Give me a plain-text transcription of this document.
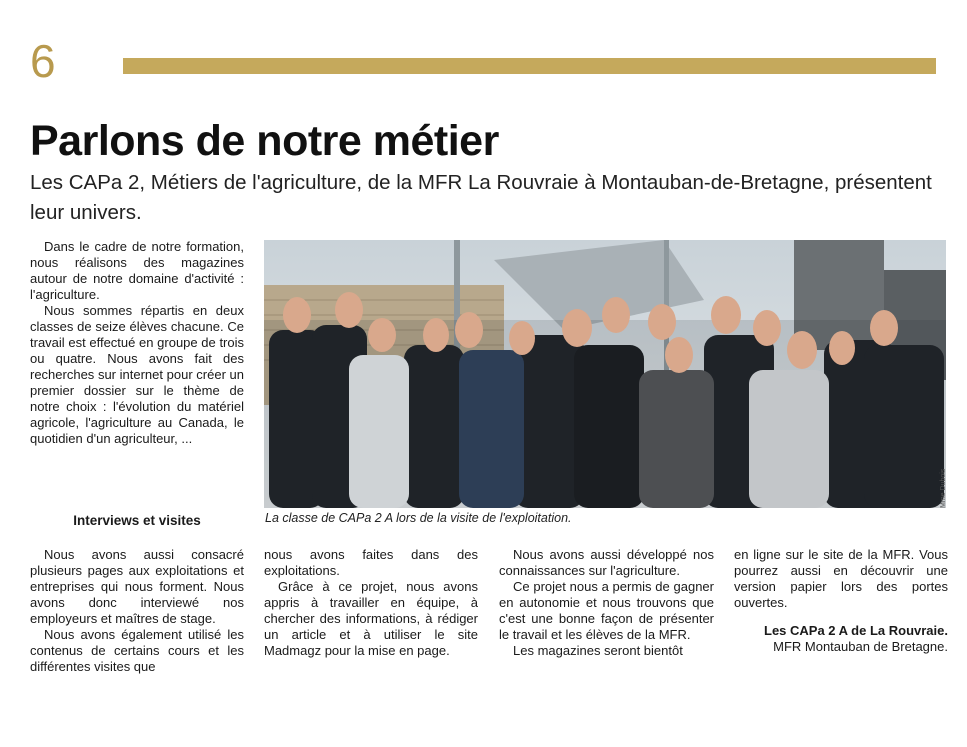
6
Parlons de notre métier
Les CAPa 2, Métiers de l'agriculture, de la MFR La Rouvraie à Montauban-de-Bretagne, présentent leur univers.

Dans le cadre de notre formation, nous réalisons des magazines autour de notre domaine d'activité : l'agriculture.

Nous sommes répartis en deux classes de seize élèves chacune. Ce travail est effectué en groupe de trois ou quatre. Nous avons fait des recherches sur internet pour créer un premier dossier sur le thème de notre choix : l'évolution du matériel agricole, l'agriculture au Canada, le quotidien d'un agriculteur, ...

Mme Dubois
La classe de CAPa 2 A lors de la visite de l'exploitation.
Interviews et visites

Nous avons aussi consacré plusieurs pages aux exploitations et entreprises qui nous forment. Nous avons donc interviewé nos employeurs et maîtres de stage.

Nous avons également utilisé les contenus de certains cours et les différentes visites que

nous avons faites dans des exploitations.

Grâce à ce projet, nous avons appris à travailler en équipe, à chercher des informations, à rédiger un article et à utiliser le site Madmagz pour la mise en page.

Nous avons aussi développé nos connaissances sur l'agriculture.

Ce projet nous a permis de gagner en autonomie et nous trouvons que c'est une bonne façon de présenter le travail et les élèves de la MFR.

Les magazines seront bientôt

en ligne sur le site de la MFR. Vous pourrez aussi en découvrir une version papier lors des portes ouvertes.

Les CAPa 2 A de La Rouvraie.
MFR Montauban de Bretagne.
